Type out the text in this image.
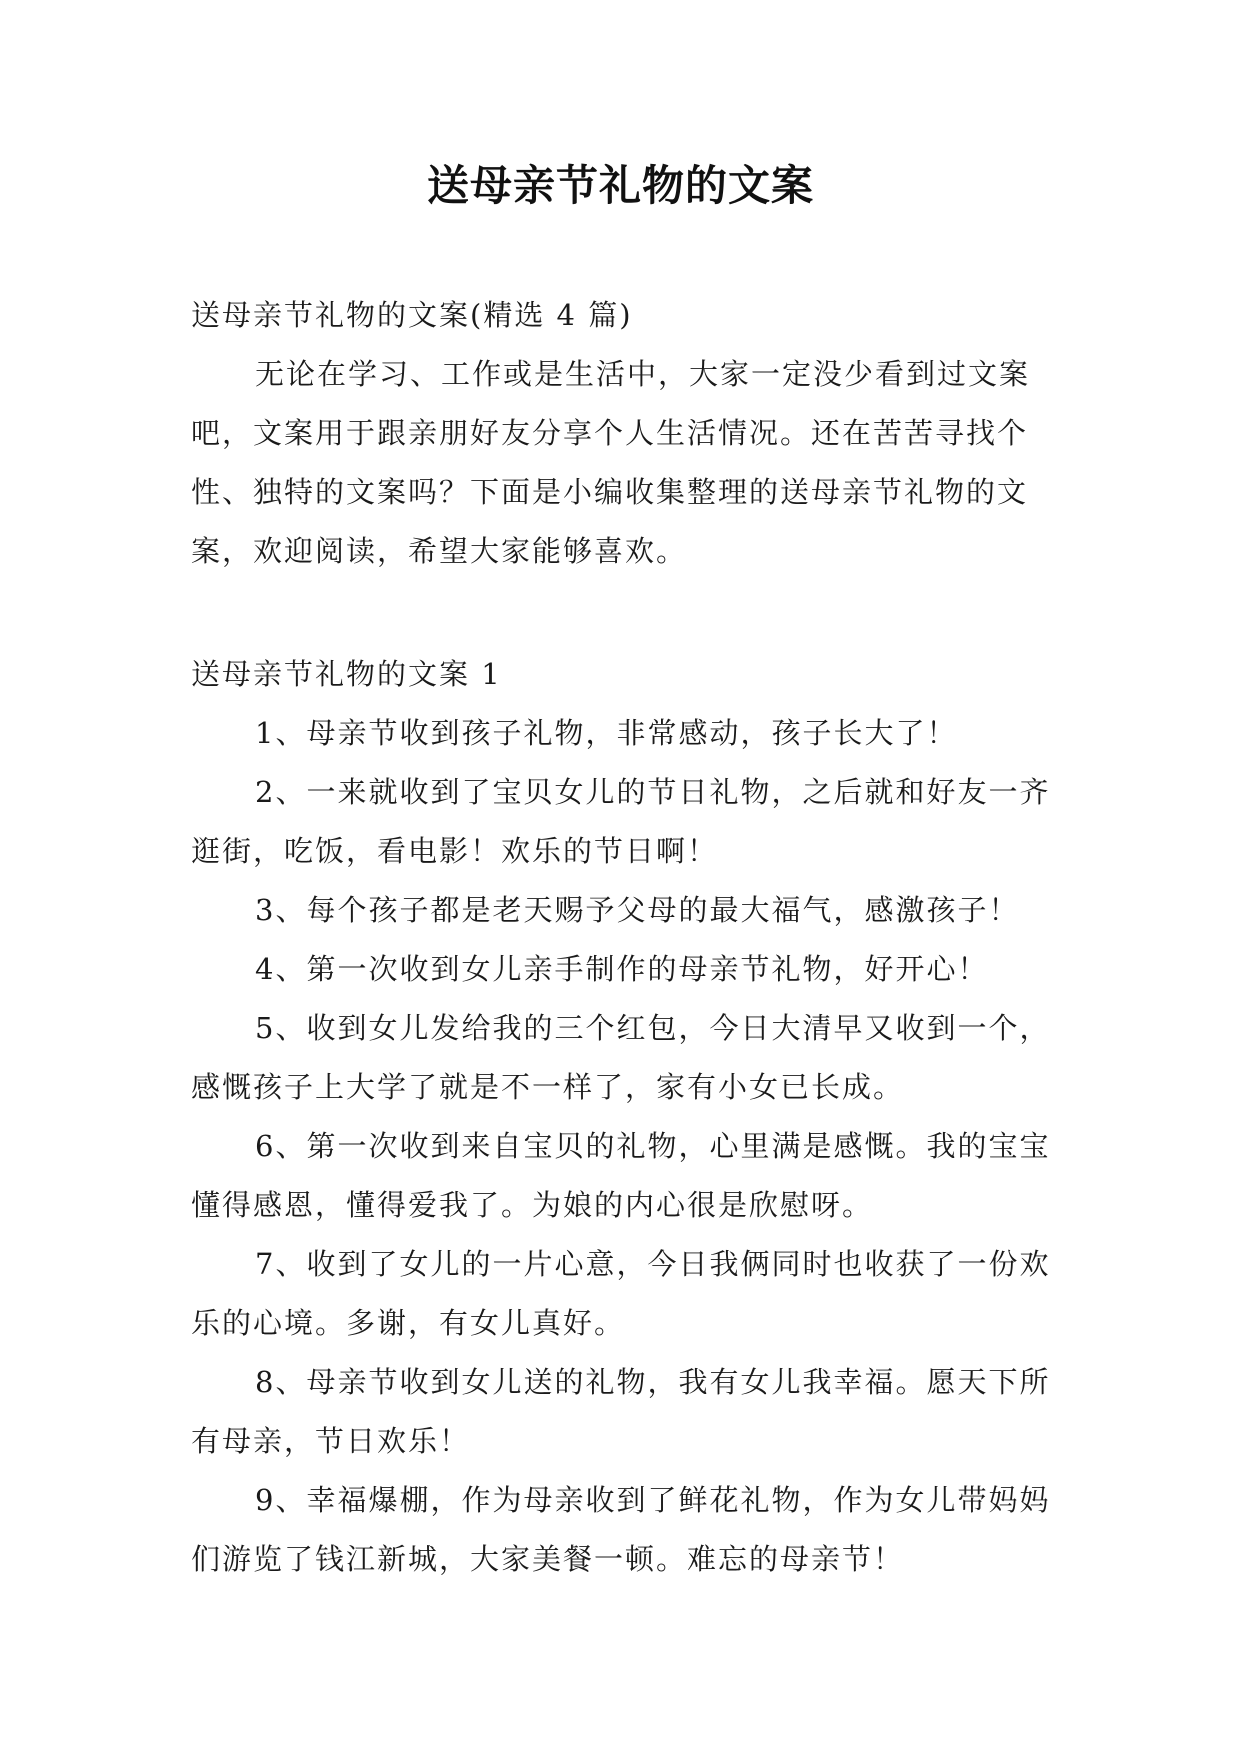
送母亲节礼物的文案

送母亲节礼物的文案(精选 4 篇)

无论在学习、工作或是生活中，大家一定没少看到过文案吧，文案用于跟亲朋好友分享个人生活情况。还在苦苦寻找个性、独特的文案吗？下面是小编收集整理的送母亲节礼物的文案，欢迎阅读，希望大家能够喜欢。

送母亲节礼物的文案 1

1、母亲节收到孩子礼物，非常感动，孩子长大了！

2、一来就收到了宝贝女儿的节日礼物，之后就和好友一齐逛街，吃饭，看电影！欢乐的节日啊！

3、每个孩子都是老天赐予父母的最大福气，感激孩子！

4、第一次收到女儿亲手制作的母亲节礼物，好开心！

5、收到女儿发给我的三个红包，今日大清早又收到一个，感慨孩子上大学了就是不一样了，家有小女已长成。

6、第一次收到来自宝贝的礼物，心里满是感慨。我的宝宝懂得感恩，懂得爱我了。为娘的内心很是欣慰呀。

7、收到了女儿的一片心意，今日我俩同时也收获了一份欢乐的心境。多谢，有女儿真好。

8、母亲节收到女儿送的礼物，我有女儿我幸福。愿天下所有母亲，节日欢乐！

9、幸福爆棚，作为母亲收到了鲜花礼物，作为女儿带妈妈们游览了钱江新城，大家美餐一顿。难忘的母亲节！
